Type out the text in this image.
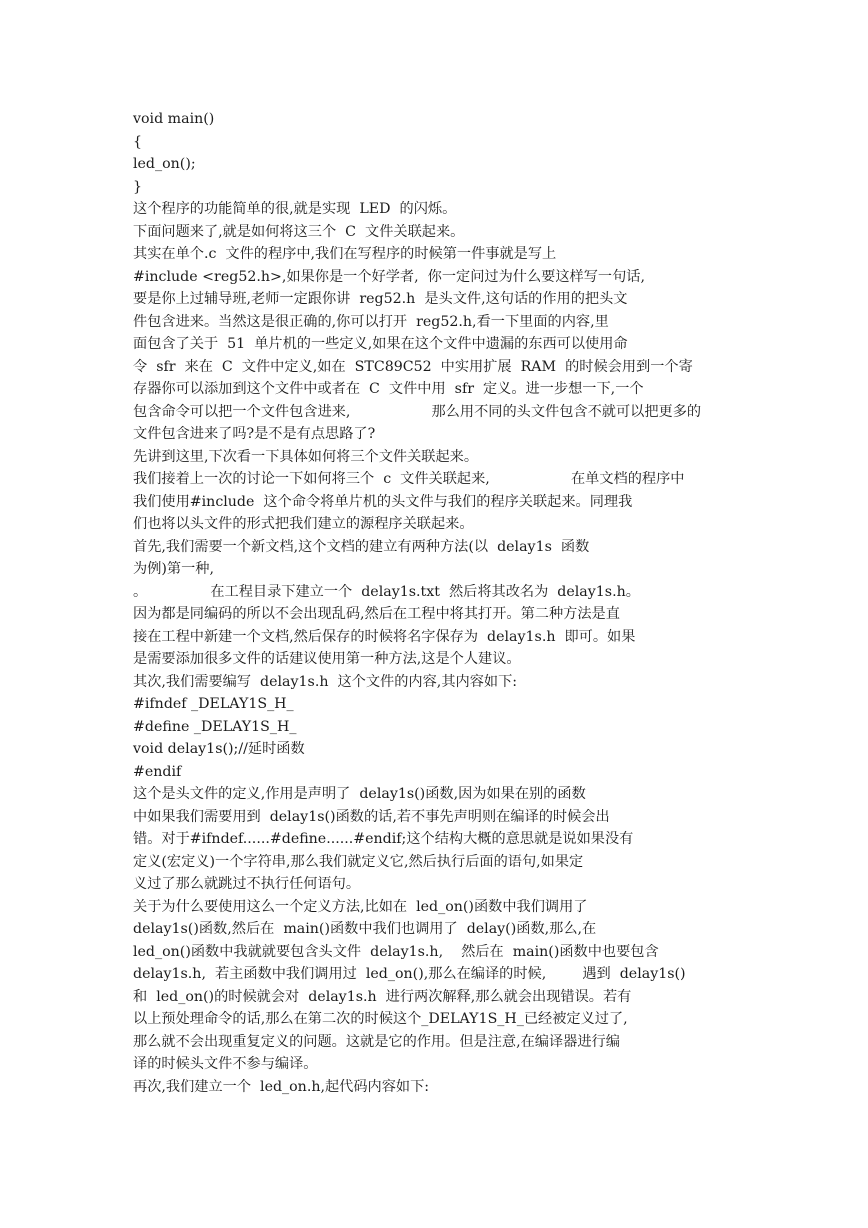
void main()
{
led_on();
}
这个程序的功能简单的很,就是实现  LED  的闪烁。
下面问题来了,就是如何将这三个  C  文件关联起来。
其实在单个.c  文件的程序中,我们在写程序的时候第一件事就是写上
#include <reg52.h>,如果你是一个好学者,  你一定问过为什么要这样写一句话,
要是你上过辅导班,老师一定跟你讲  reg52.h  是头文件,这句话的作用的把头文
件包含进来。当然这是很正确的,你可以打开  reg52.h,看一下里面的内容,里
面包含了关于  51  单片机的一些定义,如果在这个文件中遗漏的东西可以使用命
令  sfr  来在  C  文件中定义,如在  STC89C52  中实用扩展  RAM  的时候会用到一个寄
存器你可以添加到这个文件中或者在  C  文件中用  sfr  定义。进一步想一下,一个
包含命令可以把一个文件包含进来,                  那么用不同的头文件包含不就可以把更多的
文件包含进来了吗?是不是有点思路了?
先讲到这里,下次看一下具体如何将三个文件关联起来。
我们接着上一次的讨论一下如何将三个  c  文件关联起来,                  在单文档的程序中
我们使用#include  这个命令将单片机的头文件与我们的程序关联起来。同理我
们也将以头文件的形式把我们建立的源程序关联起来。
首先,我们需要一个新文档,这个文档的建立有两种方法(以  delay1s  函数
为例)第一种,
。              在工程目录下建立一个  delay1s.txt  然后将其改名为  delay1s.h。
因为都是同编码的所以不会出现乱码,然后在工程中将其打开。第二种方法是直
接在工程中新建一个文档,然后保存的时候将名字保存为  delay1s.h  即可。如果
是需要添加很多文件的话建议使用第一种方法,这是个人建议。
其次,我们需要编写  delay1s.h  这个文件的内容,其内容如下:
#ifndef _DELAY1S_H_
#define _DELAY1S_H_
void delay1s();//延时函数
#endif
这个是头文件的定义,作用是声明了  delay1s()函数,因为如果在别的函数
中如果我们需要用到  delay1s()函数的话,若不事先声明则在编译的时候会出
错。对于#ifndef......#define......#endif;这个结构大概的意思就是说如果没有
定义(宏定义)一个字符串,那么我们就定义它,然后执行后面的语句,如果定
义过了那么就跳过不执行任何语句。
关于为什么要使用这么一个定义方法,比如在  led_on()函数中我们调用了
delay1s()函数,然后在  main()函数中我们也调用了  delay()函数,那么,在
led_on()函数中我就就要包含头文件  delay1s.h,    然后在  main()函数中也要包含
delay1s.h,  若主函数中我们调用过  led_on(),那么在编译的时候,        遇到  delay1s()
和  led_on()的时候就会对  delay1s.h  进行两次解释,那么就会出现错误。若有
以上预处理命令的话,那么在第二次的时候这个_DELAY1S_H_已经被定义过了,
那么就不会出现重复定义的问题。这就是它的作用。但是注意,在编译器进行编
译的时候头文件不参与编译。
再次,我们建立一个  led_on.h,起代码内容如下:
